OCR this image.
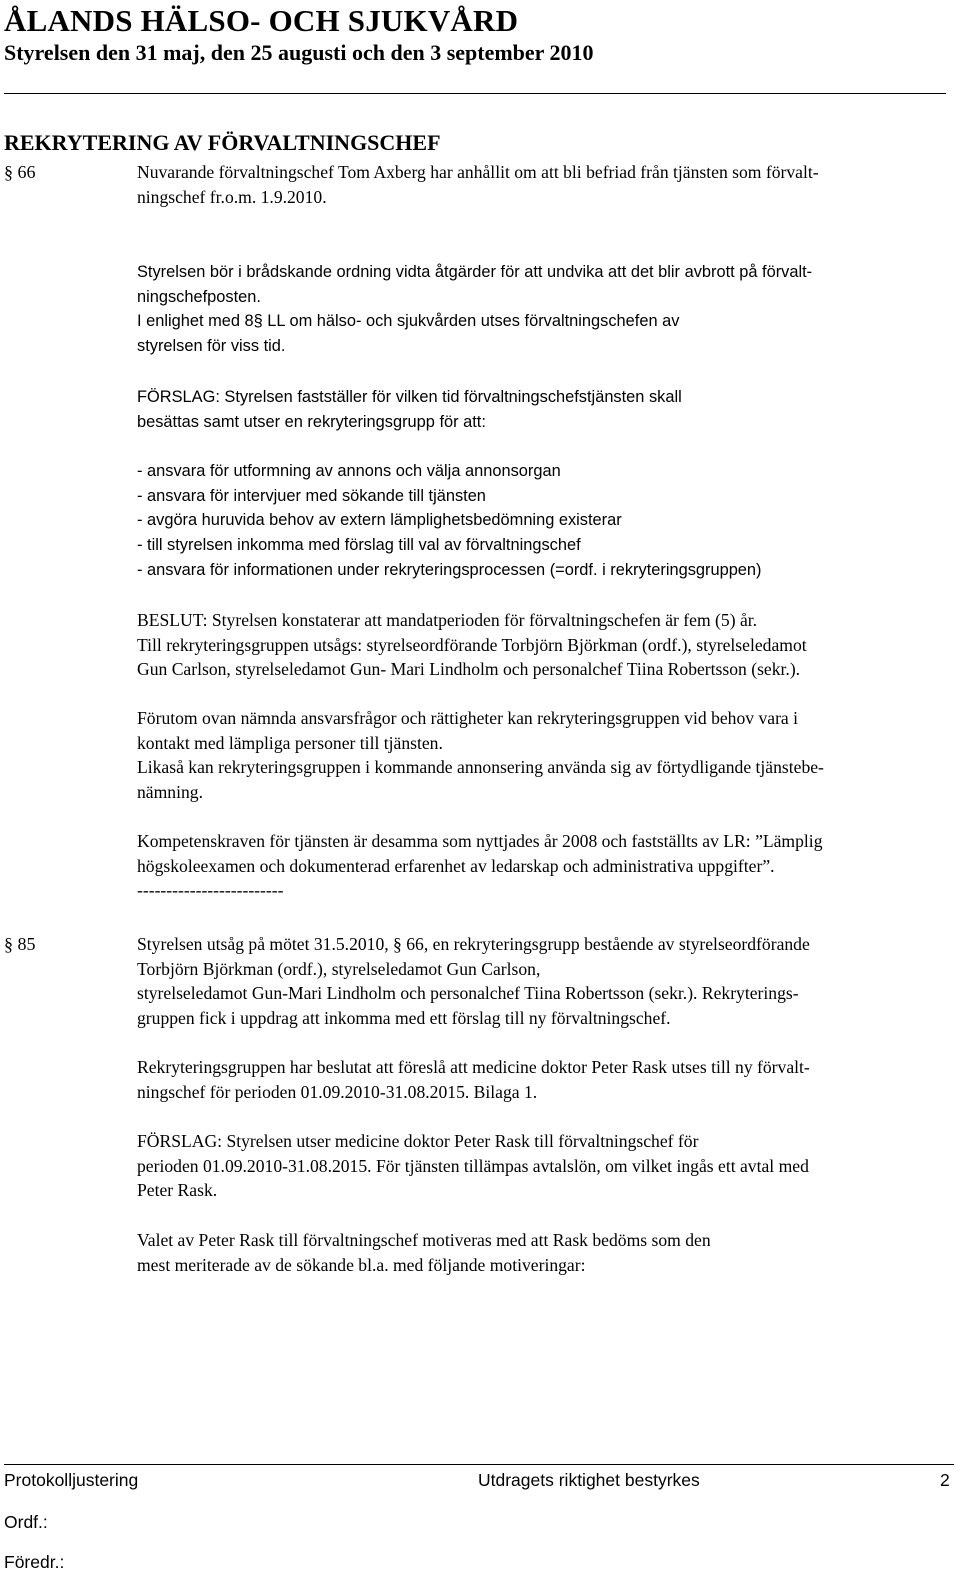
ÅLANDS HÄLSO- OCH SJUKVÅRD
Styrelsen den 31 maj, den 25 augusti och den 3 september 2010
REKRYTERING AV FÖRVALTNINGSCHEF
§ 66	Nuvarande förvaltningschef Tom Axberg har anhållit om att bli befriad från tjänsten som förvalt-
ningschef fr.o.m. 1.9.2010.
Styrelsen bör i brådskande ordning vidta åtgärder för att undvika att det blir avbrott på förvalt-
ningschefposten.
I enlighet med 8§ LL om hälso- och sjukvården utses förvaltningschefen av
styrelsen för viss tid.
FÖRSLAG: Styrelsen fastställer för vilken tid förvaltningschefstjänsten skall
besättas samt utser en rekryteringsgrupp för att:
- ansvara för utformning av annons och välja annonsorgan
- ansvara för intervjuer med sökande till tjänsten
- avgöra huruvida behov av extern lämplighetsbedömning existerar
- till styrelsen inkomma med förslag till val av förvaltningschef
- ansvara för informationen under rekryteringsprocessen (=ordf. i rekryteringsgruppen)
BESLUT: Styrelsen konstaterar att mandatperioden för förvaltningschefen är fem (5) år.
Till rekryteringsgruppen utsågs: styrelseordförande Torbjörn Björkman (ordf.), styrelseledamot
Gun Carlson, styrelseledamot Gun- Mari Lindholm och personalchef Tiina Robertsson (sekr.).
Förutom ovan nämnda ansvarsfrågor och rättigheter kan rekryteringsgruppen vid behov vara i
kontakt med lämpliga personer till tjänsten.
Likaså kan rekryteringsgruppen i kommande annonsering använda sig av förtydligande tjänstebe-
nämning.
Kompetenskraven för tjänsten är desamma som nyttjades år 2008 och fastställts av LR: ”Lämplig
högskoleexamen och dokumenterad erfarenhet av ledarskap och administrativa uppgifter”.
-------------------------
§ 85	Styrelsen utsåg på mötet 31.5.2010, § 66, en rekryteringsgrupp bestående av styrelseordförande
Torbjörn Björkman (ordf.), styrelseledamot Gun Carlson,
styrelseledamot Gun-Mari Lindholm och personalchef Tiina Robertsson (sekr.). Rekryterings-
gruppen fick i uppdrag att inkomma med ett förslag till ny förvaltningschef.
Rekryteringsgruppen har beslutat att föreslå att medicine doktor Peter Rask utses till ny förvalt-
ningschef för perioden 01.09.2010-31.08.2015. Bilaga 1.
FÖRSLAG: Styrelsen utser medicine doktor Peter Rask till förvaltningschef för
perioden 01.09.2010-31.08.2015. För tjänsten tillämpas avtalslön, om vilket ingås ett avtal med
Peter Rask.
Valet av Peter Rask till förvaltningschef motiveras med att Rask bedöms som den
mest meriterade av de sökande bl.a. med följande motiveringar:
Protokolljustering	Utdragets riktighet bestyrkes	2
Ordf.:
Föredr.:
